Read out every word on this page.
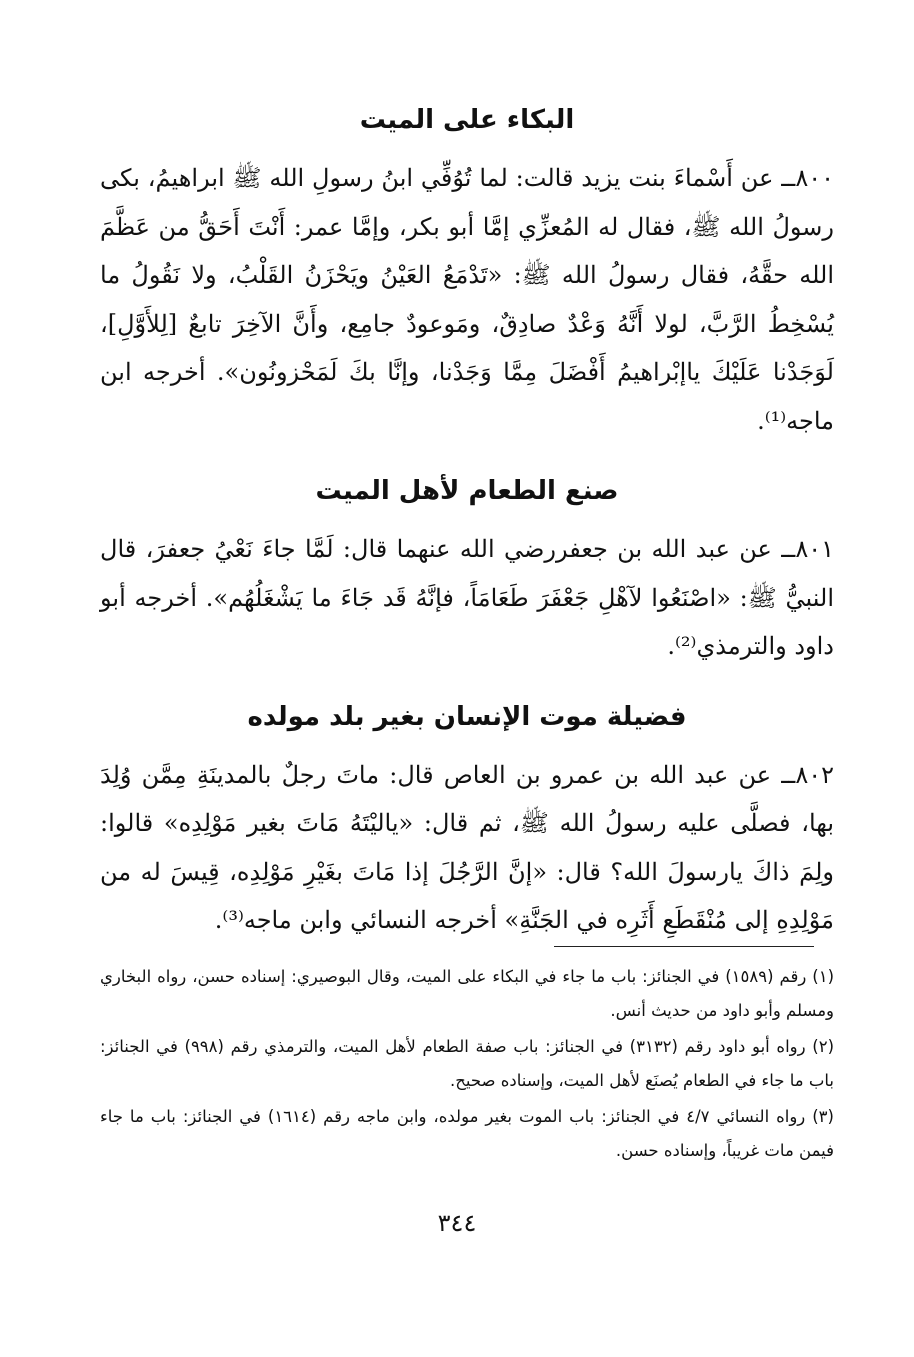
البكاء على الميت

٨٠٠ــ عن أَسْماءَ بنت يزيد قالت: لما تُوُفِّي ابنُ رسولِ الله ﷺ ابراهيمُ، بكى رسولُ الله ﷺ، فقال له المُعزِّي إمَّا أبو بكر، وإمَّا عمر: أَنْتَ أَحَقُّ من عَظَّمَ الله حقَّهُ، فقال رسولُ الله ﷺ: «تَدْمَعُ العَيْنُ ويَحْزَنُ القَلْبُ، ولا نَقُولُ ما يُسْخِطُ الرَّبَّ، لولا أَنَّهُ وَعْدٌ صادِقٌ، ومَوعودٌ جامِع، وأَنَّ الآخِرَ تابعٌ [لِلأَوَّلِ]، لَوَجَدْنا عَلَيْكَ ياإبْراهيمُ أَفْضَلَ مِمَّا وَجَدْنا، وإنَّا بكَ لَمَحْزونُون». أخرجه ابن ماجه⁽¹⁾.

صنع الطعام لأهل الميت

٨٠١ــ عن عبد الله بن جعفررضي الله عنهما قال: لَمَّا جاءَ نَعْيُ جعفرَ، قال النبيُّ ﷺ: «اصْنَعُوا لآهْلِ جَعْفَرَ طَعَامَاً، فإنَّهُ قَد جَاءَ ما يَشْغَلُهُم». أخرجه أبو داود والترمذي⁽²⁾.

فضيلة موت الإنسان بغير بلد مولده

٨٠٢ــ عن عبد الله بن عمرو بن العاص قال: ماتَ رجلٌ بالمدينَةِ مِمَّن وُلِدَ بها، فصلَّى عليه رسولُ الله ﷺ، ثم قال: «ياليْتَهُ مَاتَ بغير مَوْلِدِه» قالوا: ولِمَ ذاكَ يارسولَ الله؟ قال: «إنَّ الرَّجُلَ إذا مَاتَ بغَيْرِ مَوْلِدِه، قِيسَ له من مَوْلِدِهِ إلى مُنْقَطَعِ أَثَرِه في الجَنَّةِ» أخرجه النسائي وابن ماجه⁽³⁾.

(١) رقم (١٥٨٩) في الجنائز: باب ما جاء في البكاء على الميت، وقال البوصيري: إسناده حسن، رواه البخاري ومسلم وأبو داود من حديث أنس.

(٢) رواه أبو داود رقم (٣١٣٢) في الجنائز: باب صفة الطعام لأهل الميت، والترمذي رقم (٩٩٨) في الجنائز: باب ما جاء في الطعام يُصنَع لأهل الميت، وإسناده صحيح.

(٣) رواه النسائي ٤/٧ في الجنائز: باب الموت بغير مولده، وابن ماجه رقم (١٦١٤) في الجنائز: باب ما جاء فيمن مات غريباً، وإسناده حسن.

٣٤٤
